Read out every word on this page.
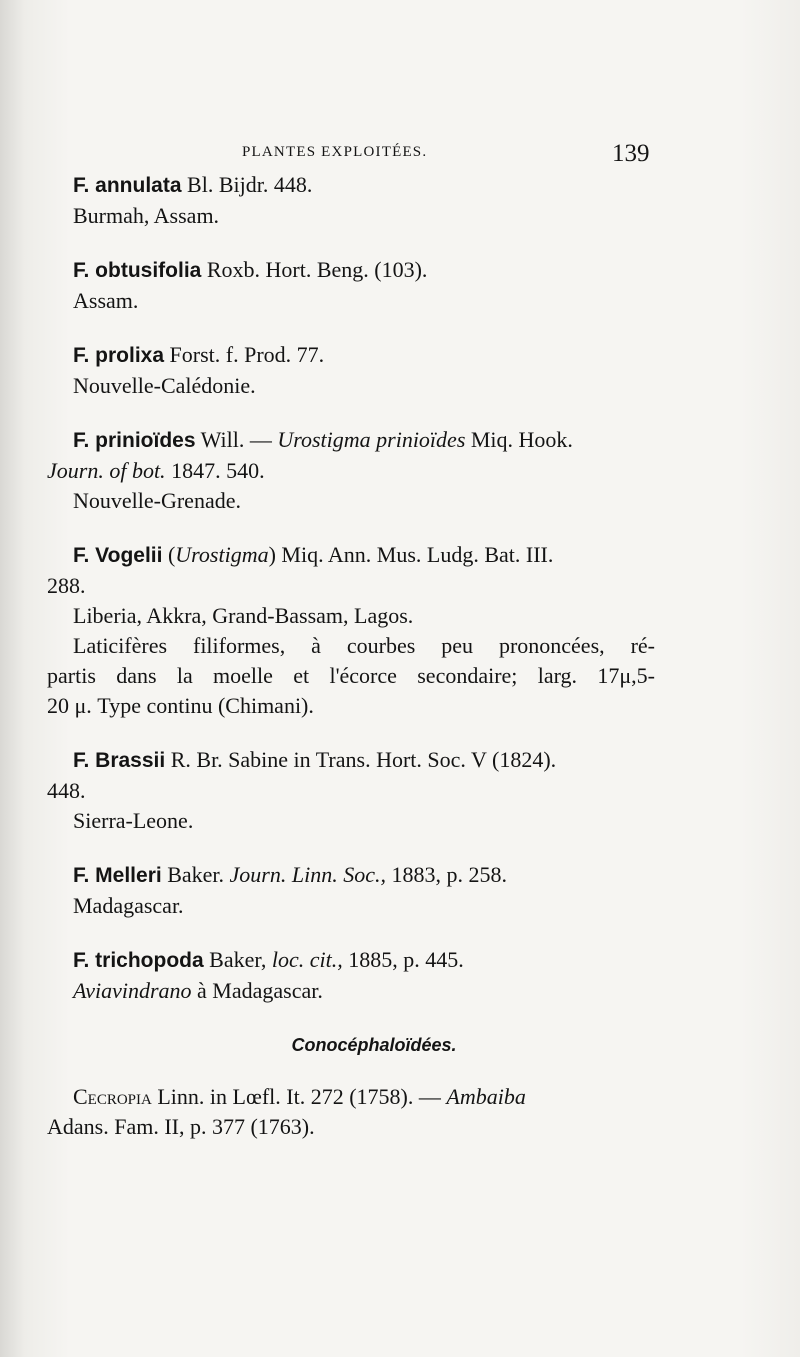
PLANTES EXPLOITÉES.	139
F. annulata Bl. Bijdr. 448.
Burmah, Assam.
F. obtusifolia Roxb. Hort. Beng. (103).
Assam.
F. prolixa Forst. f. Prod. 77.
Nouvelle-Calédonie.
F. prinioïdes Will. — Urostigma prinioïdes Miq. Hook.
Journ. of bot. 1847. 540.
Nouvelle-Grenade.
F. Vogelii (Urostigma) Miq. Ann. Mus. Ludg. Bat. III.
288.
Liberia, Akkra, Grand-Bassam, Lagos.
Laticifères filiformes, à courbes peu prononcées, ré-
partis dans la moelle et l'écorce secondaire; larg. 17μ,5-
20 μ. Type continu (Chimani).
F. Brassii R. Br. Sabine in Trans. Hort. Soc. V (1824).
448.
Sierra-Leone.
F. Melleri Baker. Journ. Linn. Soc., 1883, p. 258.
Madagascar.
F. trichopoda Baker, loc. cit., 1885, p. 445.
Aviavindrano à Madagascar.
Conocéphaloïdées.
Cecropia Linn. in Lœfl. It. 272 (1758). — Ambaiba
Adans. Fam. II, p. 377 (1763).
